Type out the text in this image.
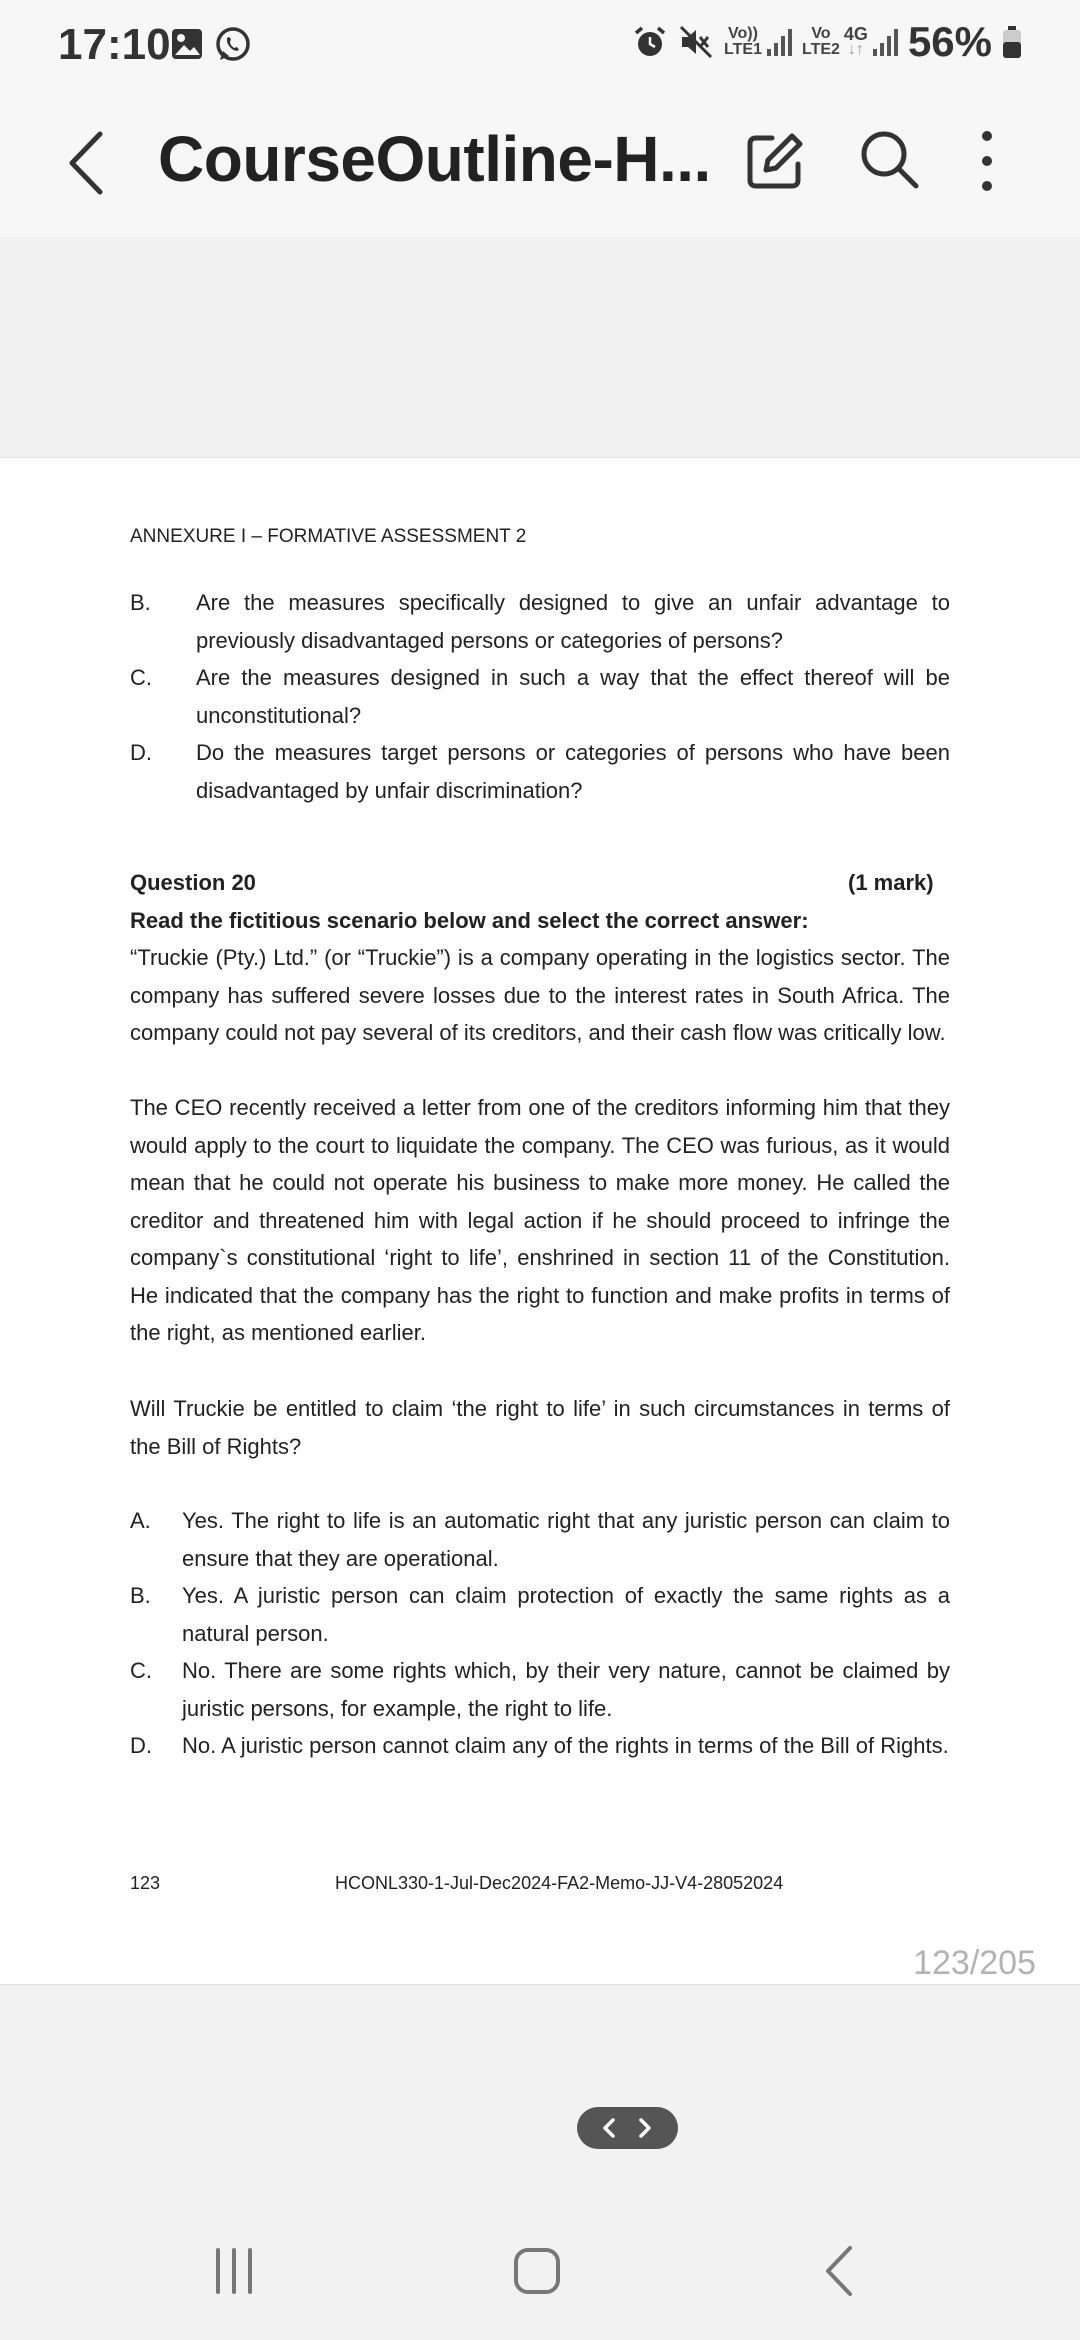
17:10	Vo))
LTE1
Vo
LTE2
4G
↓↑ 56%
CourseOutline-H...
ANNEXURE I – FORMATIVE ASSESSMENT 2
B. Are the measures specifically designed to give an unfair advantage to previously disadvantaged persons or categories of persons?
C. Are the measures designed in such a way that the effect thereof will be unconstitutional?
D. Do the measures target persons or categories of persons who have been disadvantaged by unfair discrimination?
Question 20	(1 mark)
Read the fictitious scenario below and select the correct answer:
“Truckie (Pty.) Ltd.” (or “Truckie”) is a company operating in the logistics sector. The company has suffered severe losses due to the interest rates in South Africa. The company could not pay several of its creditors, and their cash flow was critically low.
The CEO recently received a letter from one of the creditors informing him that they would apply to the court to liquidate the company. The CEO was furious, as it would mean that he could not operate his business to make more money. He called the creditor and threatened him with legal action if he should proceed to infringe the company`s constitutional ‘right to life’, enshrined in section 11 of the Constitution. He indicated that the company has the right to function and make profits in terms of the right, as mentioned earlier.
Will Truckie be entitled to claim ‘the right to life’ in such circumstances in terms of the Bill of Rights?
A. Yes. The right to life is an automatic right that any juristic person can claim to ensure that they are operational.
B. Yes. A juristic person can claim protection of exactly the same rights as a natural person.
C. No. There are some rights which, by their very nature, cannot be claimed by juristic persons, for example, the right to life.
D. No. A juristic person cannot claim any of the rights in terms of the Bill of Rights.
123	HCONL330-1-Jul-Dec2024-FA2-Memo-JJ-V4-28052024
123/205
